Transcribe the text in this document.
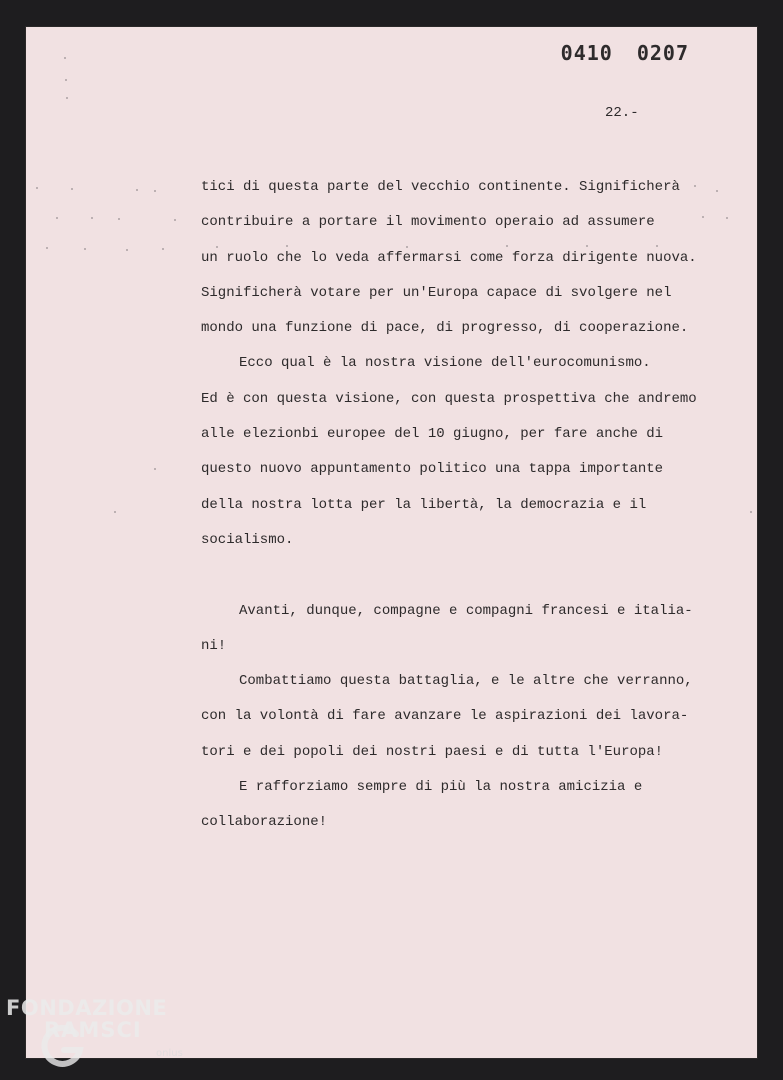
0410 0207
22.-
tici di questa parte del vecchio continente. Significherà
contribuire a portare il movimento operaio ad assumere
un ruolo che lo veda affermarsi come forza dirigente nuova.
Significherà votare per un'Europa capace di svolgere nel
mondo una funzione di pace, di progresso, di cooperazione.
Ecco qual è la nostra visione dell'eurocomunismo.
Ed è con questa visione, con questa prospettiva che andremo
alle elezionbi europee del 10 giugno, per fare anche di
questo nuovo appuntamento politico una tappa importante
della nostra lotta per la libertà, la democrazia e il
socialismo.
Avanti, dunque, compagne e compagni francesi e italia-
ni!
Combattiamo questa battaglia, e le altre che verranno,
con la volontà di fare avanzare le aspirazioni dei lavora-
tori e dei popoli dei nostri paesi e di tutta l'Europa!
E rafforziamo sempre di più la nostra amicizia e
collaborazione!
FONDAZIONE
RAMSCI
onlus
